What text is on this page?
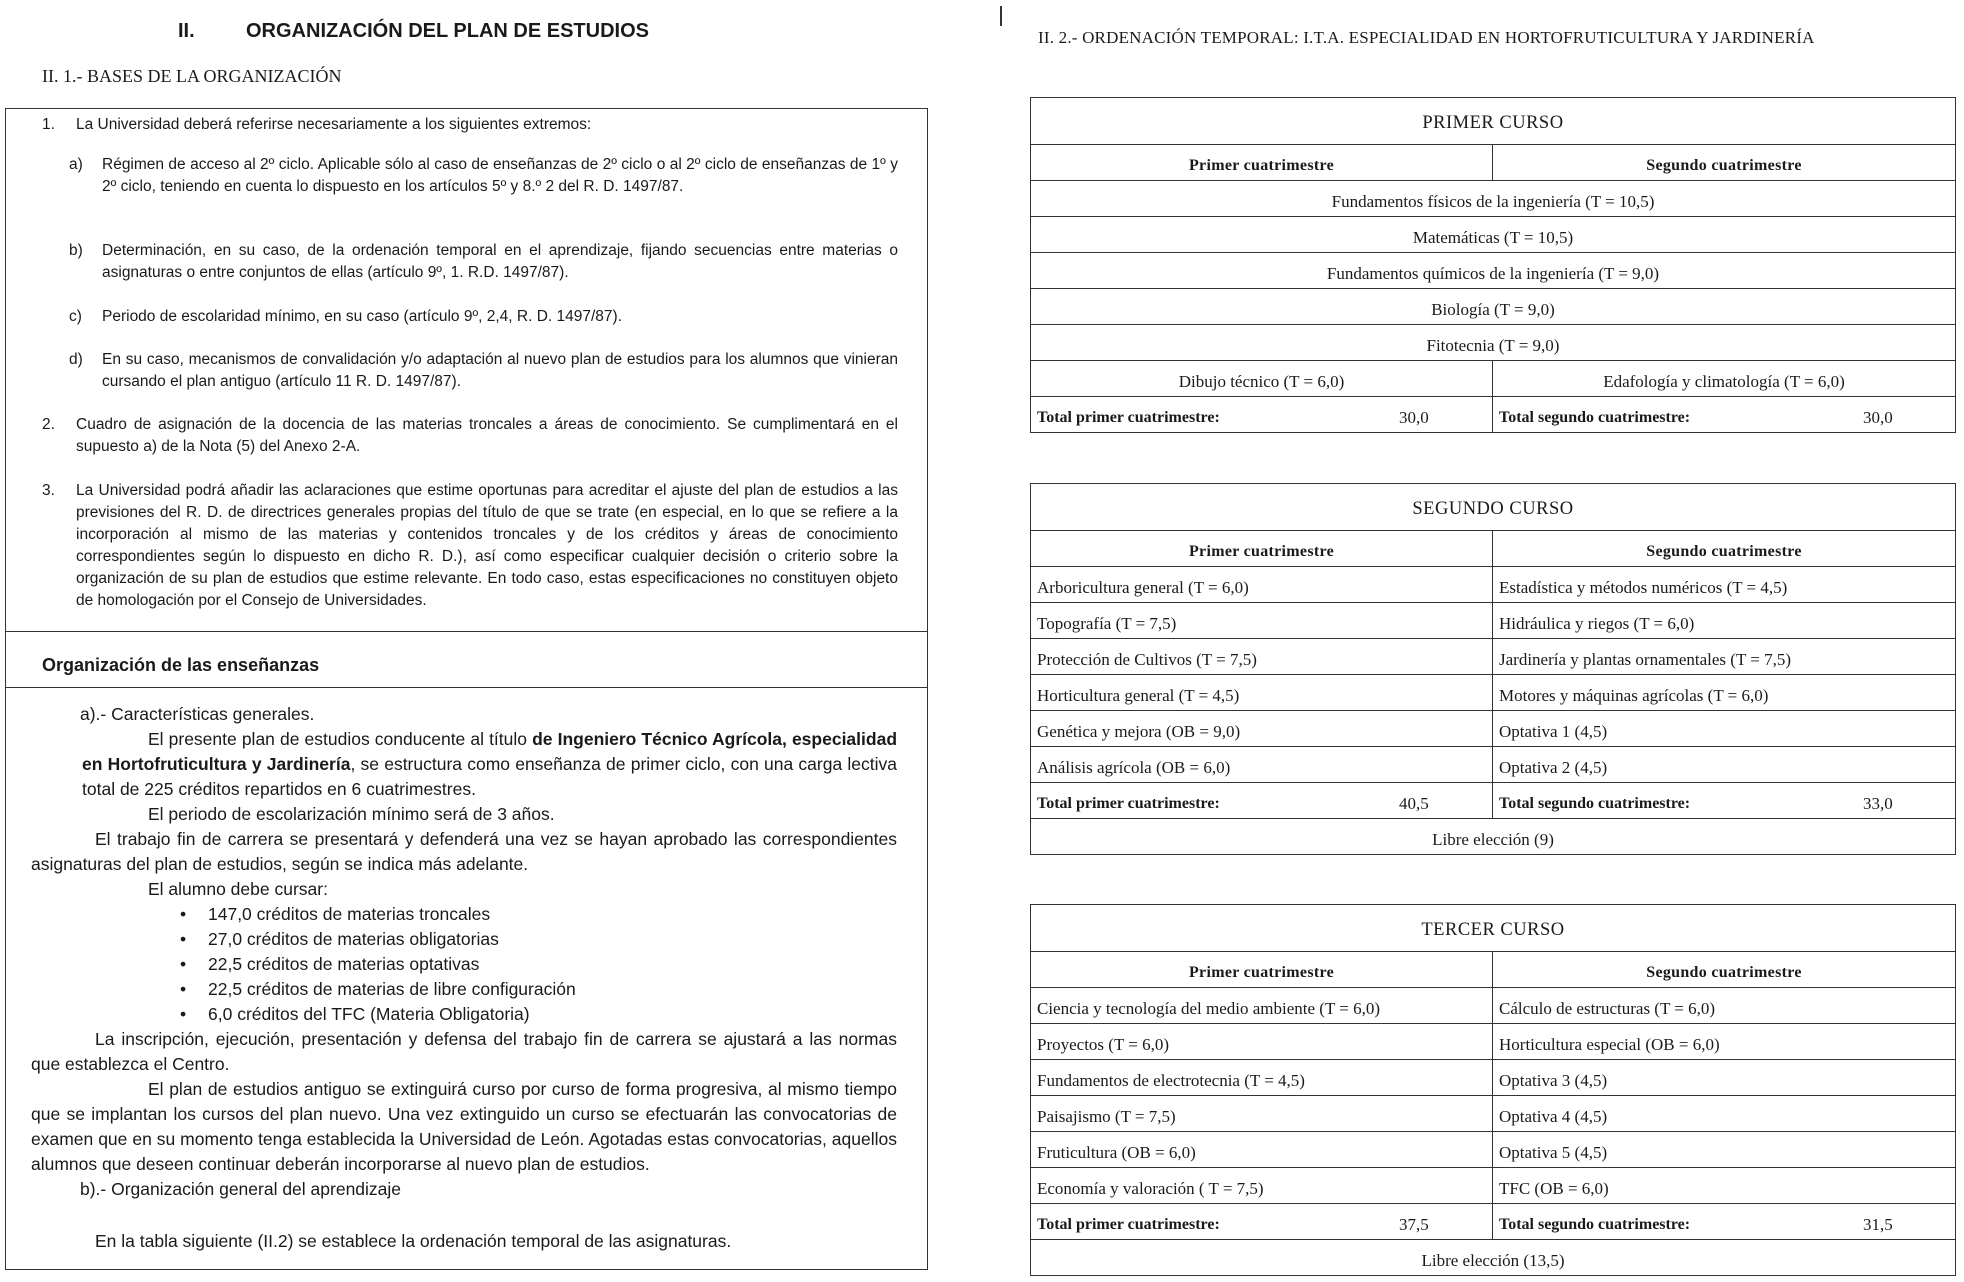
II.	ORGANIZACIÓN DEL PLAN DE ESTUDIOS
II. 1.- BASES DE LA ORGANIZACIÓN
1. La Universidad deberá referirse necesariamente a los siguientes extremos:
a) Régimen de acceso al 2º ciclo. Aplicable sólo al caso de enseñanzas de 2º ciclo o al 2º ciclo de enseñanzas de 1º y 2º ciclo, teniendo en cuenta lo dispuesto en los artículos 5º y 8.º 2 del R. D. 1497/87.
b) Determinación, en su caso, de la ordenación temporal en el aprendizaje, fijando secuencias entre materias o asignaturas o entre conjuntos de ellas (artículo 9º, 1. R.D. 1497/87).
c) Periodo de escolaridad mínimo, en su caso (artículo 9º, 2,4, R. D. 1497/87).
d) En su caso, mecanismos de convalidación y/o adaptación al nuevo plan de estudios para los alumnos que vinieran cursando el plan antiguo (artículo 11 R. D. 1497/87).
2. Cuadro de asignación de la docencia de las materias troncales a áreas de conocimiento. Se cumplimentará en el supuesto a) de la Nota (5) del Anexo 2-A.
3. La Universidad podrá añadir las aclaraciones que estime oportunas para acreditar el ajuste del plan de estudios a las previsiones del R. D. de directrices generales propias del título de que se trate (en especial, en lo que se refiere a la incorporación al mismo de las materias y contenidos troncales y de los créditos y áreas de conocimiento correspondientes según lo dispuesto en dicho R. D.), así como especificar cualquier decisión o criterio sobre la organización de su plan de estudios que estime relevante. En todo caso, estas especificaciones no constituyen objeto de homologación por el Consejo de Universidades.
Organización de las enseñanzas
a).- Características generales.
El presente plan de estudios conducente al título de Ingeniero Técnico Agrícola, especialidad en Hortofruticultura y Jardinería, se estructura como enseñanza de primer ciclo, con una carga lectiva total de 225 créditos repartidos en 6 cuatrimestres.
El periodo de escolarización mínimo será de 3 años.
El trabajo fin de carrera se presentará y defenderá una vez se hayan aprobado las correspondientes asignaturas del plan de estudios, según se indica más adelante.
El alumno debe cursar:
• 147,0 créditos de materias troncales
• 27,0 créditos de materias obligatorias
• 22,5 créditos de materias optativas
• 22,5 créditos de materias de libre configuración
• 6,0 créditos del TFC (Materia Obligatoria)
La inscripción, ejecución, presentación y defensa del trabajo fin de carrera se ajustará a las normas que establezca el Centro.
El plan de estudios antiguo se extinguirá curso por curso de forma progresiva, al mismo tiempo que se implantan los cursos del plan nuevo. Una vez extinguido un curso se efectuarán las convocatorias de examen que en su momento tenga establecida la Universidad de León. Agotadas estas convocatorias, aquellos alumnos que deseen continuar deberán incorporarse al nuevo plan de estudios.
b).- Organización general del aprendizaje
En la tabla siguiente (II.2) se establece la ordenación temporal de las asignaturas.
II. 2.- ORDENACIÓN TEMPORAL: I.T.A. ESPECIALIDAD EN HORTOFRUTICULTURA Y JARDINERÍA
PRIMER CURSO
Primer cuatrimestre	Segundo cuatrimestre
Fundamentos físicos de la ingeniería (T = 10,5)
Matemáticas (T = 10,5)
Fundamentos químicos de la ingeniería (T = 9,0)
Biología (T = 9,0)
Fitotecnia (T = 9,0)
Dibujo técnico (T = 6,0)	Edafología y climatología (T = 6,0)
Total primer cuatrimestre:	30,0	Total segundo cuatrimestre:	30,0
SEGUNDO CURSO
Primer cuatrimestre	Segundo cuatrimestre
Arboricultura general (T = 6,0)	Estadística y métodos numéricos (T = 4,5)
Topografía (T = 7,5)	Hidráulica y riegos (T = 6,0)
Protección de Cultivos (T = 7,5)	Jardinería y plantas ornamentales (T = 7,5)
Horticultura general (T = 4,5)	Motores y máquinas agrícolas (T = 6,0)
Genética y mejora (OB = 9,0)	Optativa 1 (4,5)
Análisis agrícola (OB = 6,0)	Optativa 2 (4,5)
Total primer cuatrimestre:	40,5	Total segundo cuatrimestre:	33,0
Libre elección (9)
TERCER CURSO
Primer cuatrimestre	Segundo cuatrimestre
Ciencia y tecnología del medio ambiente (T = 6,0)	Cálculo de estructuras (T = 6,0)
Proyectos (T = 6,0)	Horticultura especial (OB = 6,0)
Fundamentos de electrotecnia (T = 4,5)	Optativa 3 (4,5)
Paisajismo (T = 7,5)	Optativa 4 (4,5)
Fruticultura (OB = 6,0)	Optativa 5 (4,5)
Economía y valoración ( T = 7,5)	TFC (OB = 6,0)
Total primer cuatrimestre:	37,5	Total segundo cuatrimestre:	31,5
Libre elección (13,5)
